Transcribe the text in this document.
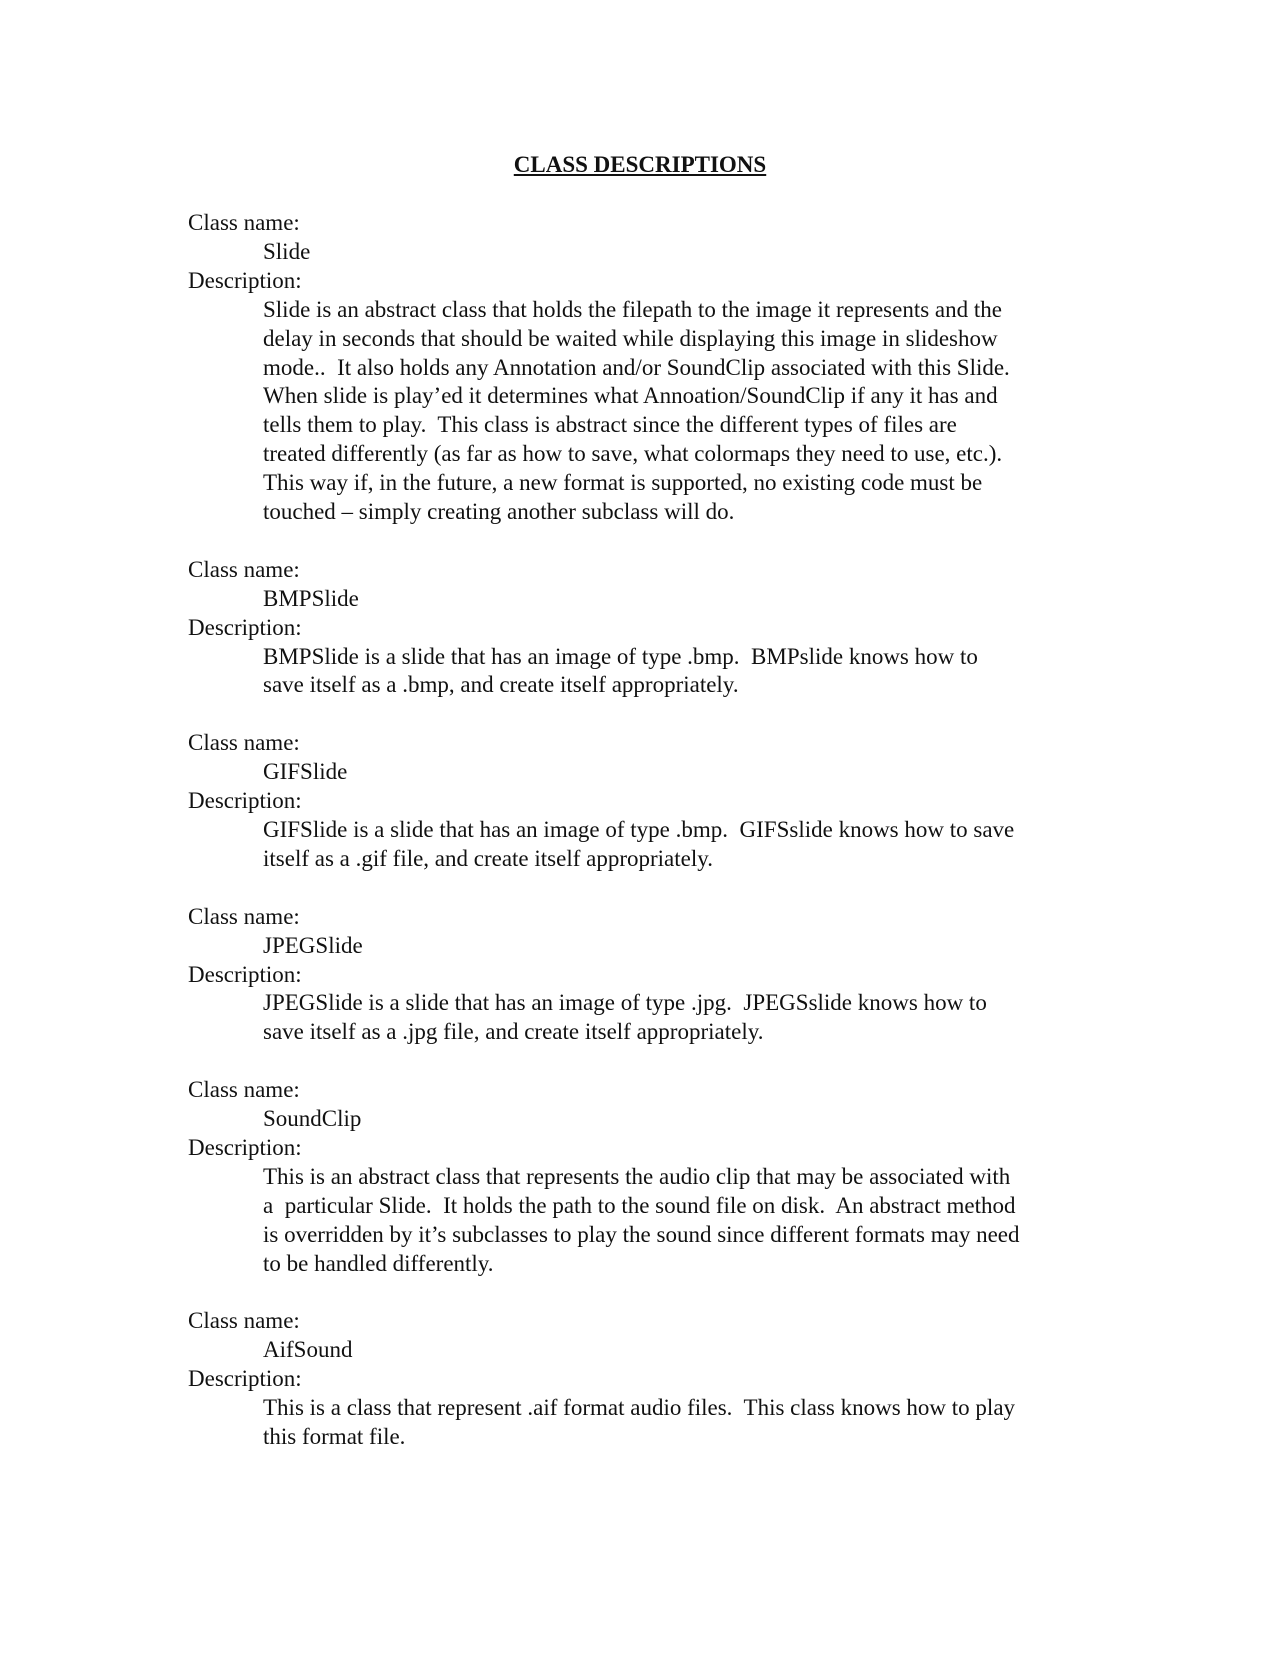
CLASS DESCRIPTIONS
Class name:
Slide
Description:
Slide is an abstract class that holds the filepath to the image it represents and the
delay in seconds that should be waited while displaying this image in slideshow
mode..  It also holds any Annotation and/or SoundClip associated with this Slide.
When slide is play’ed it determines what Annoation/SoundClip if any it has and
tells them to play.  This class is abstract since the different types of files are
treated differently (as far as how to save, what colormaps they need to use, etc.).
This way if, in the future, a new format is supported, no existing code must be
touched – simply creating another subclass will do.
Class name:
BMPSlide
Description:
BMPSlide is a slide that has an image of type .bmp.  BMPslide knows how to
save itself as a .bmp, and create itself appropriately.
Class name:
GIFSlide
Description:
GIFSlide is a slide that has an image of type .bmp.  GIFSslide knows how to save
itself as a .gif file, and create itself appropriately.
Class name:
JPEGSlide
Description:
JPEGSlide is a slide that has an image of type .jpg.  JPEGSslide knows how to
save itself as a .jpg file, and create itself appropriately.
Class name:
SoundClip
Description:
This is an abstract class that represents the audio clip that may be associated with
a  particular Slide.  It holds the path to the sound file on disk.  An abstract method
is overridden by it’s subclasses to play the sound since different formats may need
to be handled differently.
Class name:
AifSound
Description:
This is a class that represent .aif format audio files.  This class knows how to play
this format file.
